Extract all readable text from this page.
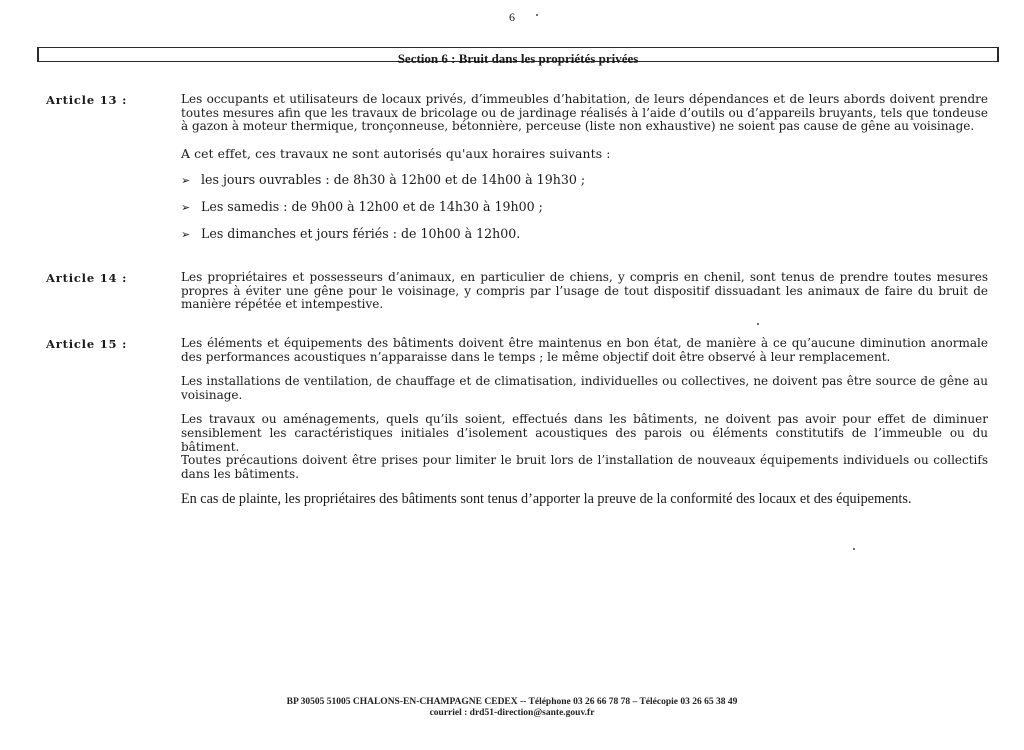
6
Section 6 : Bruit dans les propriétés privées
Article 13 :	Les occupants et utilisateurs de locaux privés, d’immeubles d’habitation, de leurs dépendances et de leurs abords doivent prendre toutes mesures afin que les travaux de bricolage ou de jardinage réalisés à l’aide d’outils ou d’appareils bruyants, tels que tondeuse à gazon à moteur thermique, tronçonneuse, bétonnière, perceuse (liste non exhaustive) ne soient pas cause de gêne au voisinage.

A cet effet, ces travaux ne sont autorisés qu'aux horaires suivants :

➢ les jours ouvrables : de 8h30 à 12h00 et de 14h00 à 19h30 ;
➢ Les samedis : de 9h00 à 12h00 et de 14h30 à 19h00 ;
➢ Les dimanches et jours fériés : de 10h00 à 12h00.
Article 14 :	Les propriétaires et possesseurs d’animaux, en particulier de chiens, y compris en chenil, sont tenus de prendre toutes mesures propres à éviter une gêne pour le voisinage, y compris par l’usage de tout dispositif dissuadant les animaux de faire du bruit de manière répétée et intempestive.

Article 15 :	Les éléments et équipements des bâtiments doivent être maintenus en bon état, de manière à ce qu’aucune diminution anormale des performances acoustiques n’apparaisse dans le temps ; le même objectif doit être observé à leur remplacement.

Les installations de ventilation, de chauffage et de climatisation, individuelles ou collectives, ne doivent pas être source de gêne au voisinage.

Les travaux ou aménagements, quels qu’ils soient, effectués dans les bâtiments, ne doivent pas avoir pour effet de diminuer sensiblement les caractéristiques initiales d’isolement acoustiques des parois ou éléments constitutifs de l’immeuble ou du bâtiment.

Toutes précautions doivent être prises pour limiter le bruit lors de l’installation de nouveaux équipements individuels ou collectifs dans les bâtiments.

En cas de plainte, les propriétaires des bâtiments sont tenus d’apporter la preuve de la conformité des locaux et des équipements.

BP 30505 51005 CHALONS-EN-CHAMPAGNE CEDEX -- Téléphone 03 26 66 78 78 – Télécopie 03 26 65 38 49
courriel : drd51-direction@sante.gouv.fr
